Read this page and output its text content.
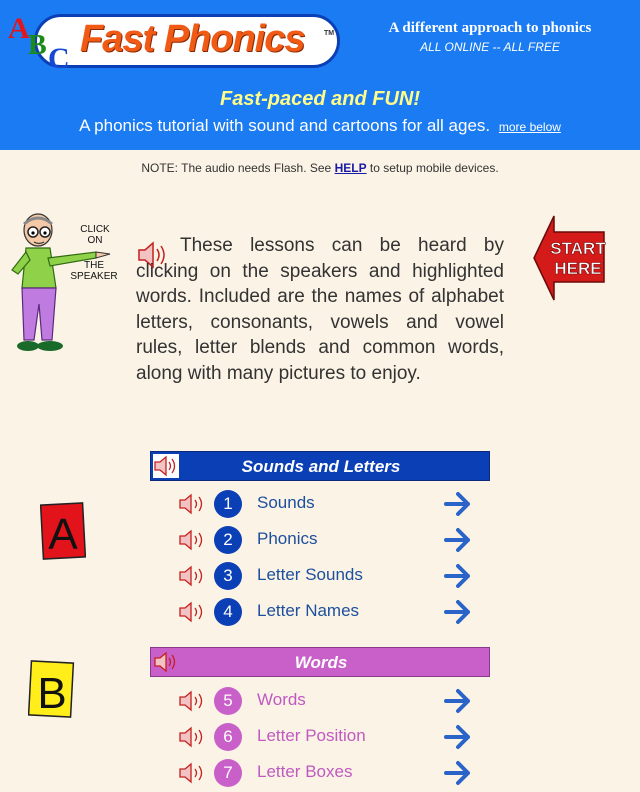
A
B C Fast Phonics	TM	A different approach to phonics
ALL ONLINE -- ALL FREE
Fast-paced and FUN!
A phonics tutorial with sound and cartoons for all ages. more below
NOTE: The audio needs Flash. See HELP to setup mobile devices.
CLICK
ON
THE
SPEAKER
These lessons can be heard by clicking on the speakers and highlighted words. Included are the names of alphabet letters, consonants, vowels and vowel rules, letter blends and common words, along with many pictures to enjoy.
START
HERE
A
Sounds and Letters
1	Sounds
2	Phonics
3	Letter Sounds
4	Letter Names
B
Words
5	Words
6	Letter Position
7	Letter Boxes
